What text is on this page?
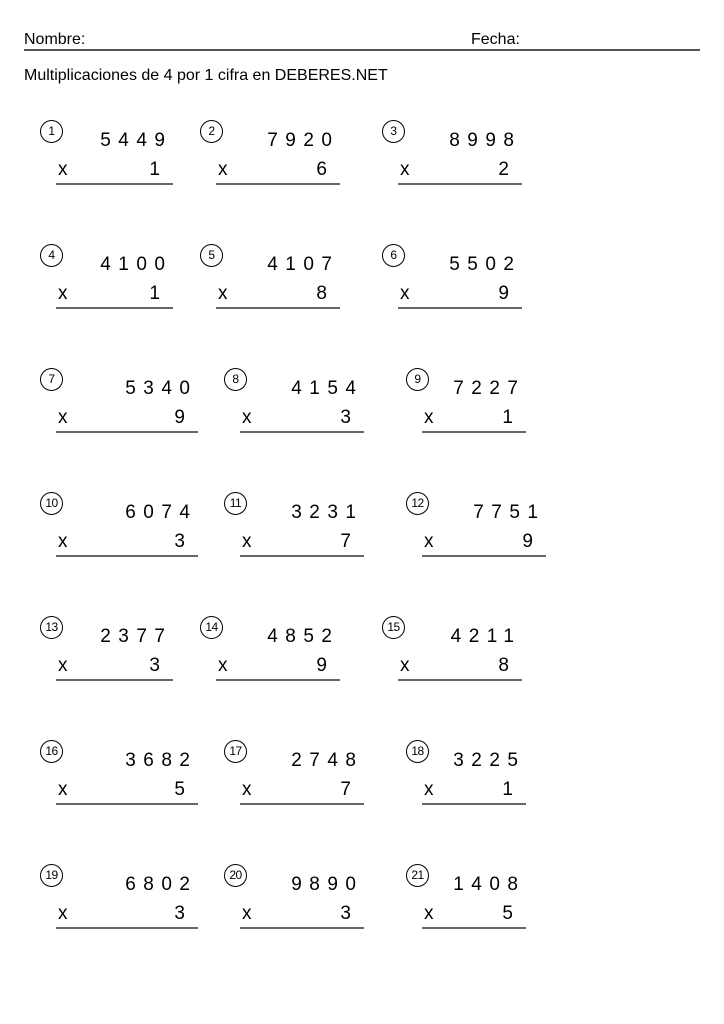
Nombre:	Fecha:
Multiplicaciones de 4 por 1 cifra en DEBERES.NET
1	5449
x	1
2	7920
x	6
3	8998
x	2
4	4100
x	1
5	4107
x	8
6	5502
x	9
7	5340
x	9
8	4154
x	3
9	7227
x	1
10	6074
x	3
11	3231
x	7
12	7751
x	9
13 2377
x	3
14	4852
x	9
15	4211
x	8
16	3682
x	5
17	2748
x	7
18 3225
x	1
19	6802
x	3
20	9890
x	3
21 1408
x	5
